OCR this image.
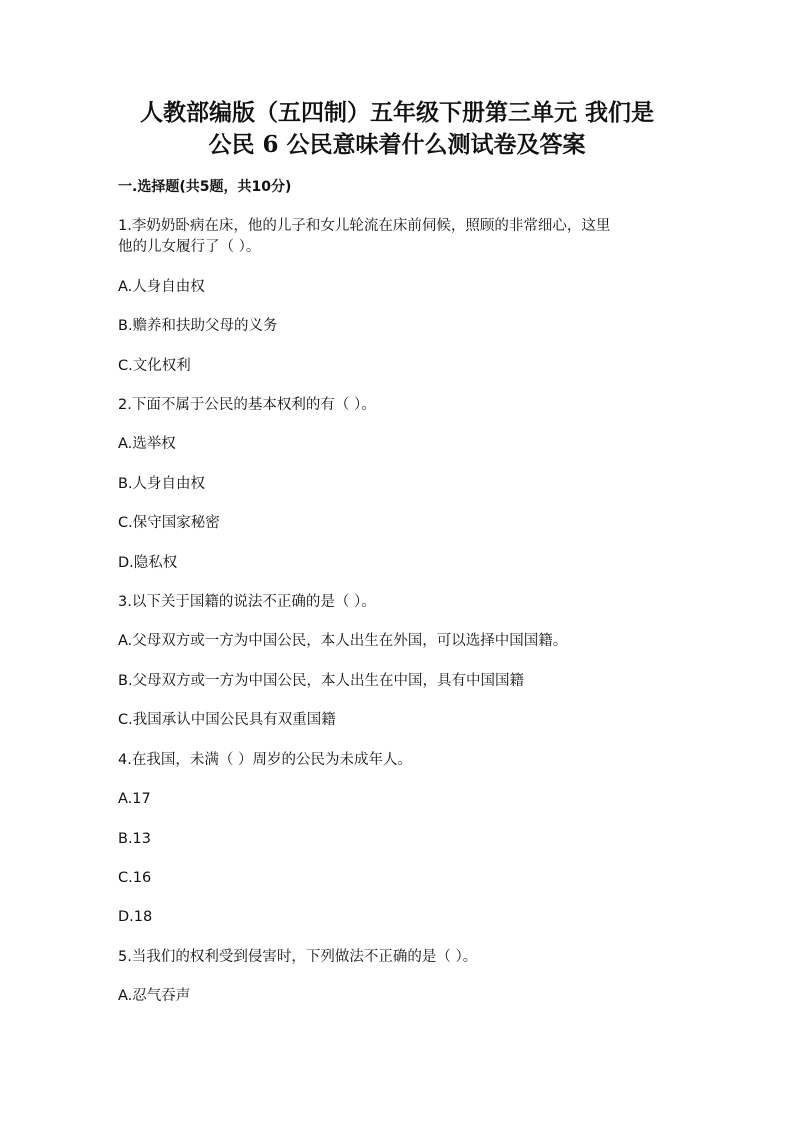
人教部编版（五四制）五年级下册第三单元 我们是
公民 6 公民意味着什么测试卷及答案
一.选择题(共5题，共10分)
1.李奶奶卧病在床，他的儿子和女儿轮流在床前伺候，照顾的非常细心，这里
他的儿女履行了（ ）。
A.人身自由权
B.赡养和扶助父母的义务
C.文化权利
2.下面不属于公民的基本权利的有（ ）。
A.选举权
B.人身自由权
C.保守国家秘密
D.隐私权
3.以下关于国籍的说法不正确的是（ ）。
A.父母双方或一方为中国公民，本人出生在外国，可以选择中国国籍。
B.父母双方或一方为中国公民，本人出生在中国，具有中国国籍
C.我国承认中国公民具有双重国籍
4.在我国，未满（ ）周岁的公民为未成年人。
A.17
B.13
C.16
D.18
5.当我们的权利受到侵害时，下列做法不正确的是（ ）。
A.忍气吞声
